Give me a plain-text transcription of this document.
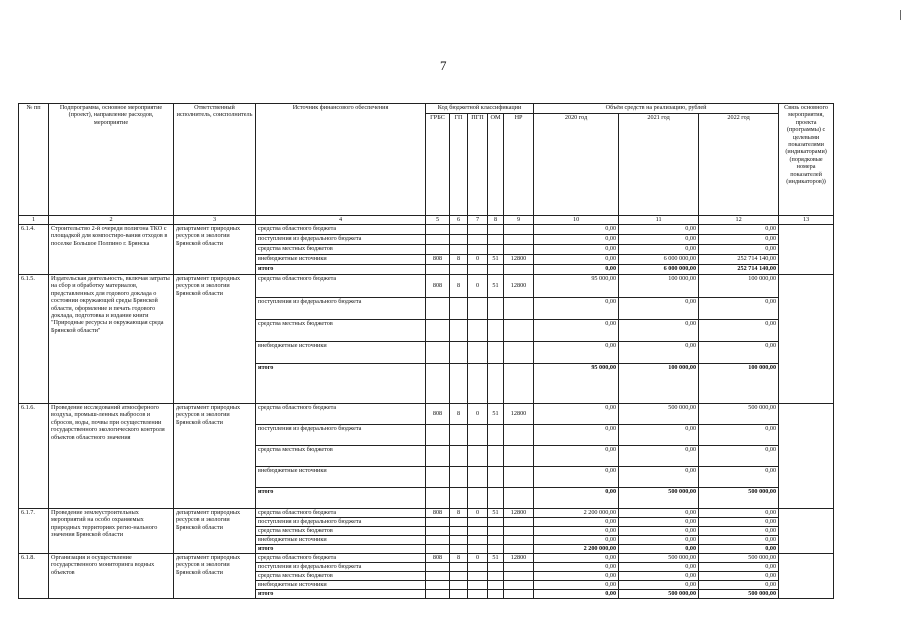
7
№ пп	Подпрограмма, основное мероприятие (проект), направление расходов, мероприятие	Ответственный исполнитель, соисполнитель	Источник финансового обеспечения	Код бюджетной классификации					Объём средств на реализацию, рублей			Связь основного мероприятия, проекта (программы) с целевыми показателями (индикаторами) (порядковые номера показателей (индикаторов))
				ГРБС	ГП	ПГП	ОМ	НР	2020 год	2021 год	2022 год	
1	2	3	4	5	6	7	8	9	10	11	12	13
6.1.4.	Строительство 2-й очереди полигона ТКО с площадкой для компостиро-вания отходов в поселке Большое Полпино г. Брянска	департамент природных ресурсов и экологии Брянской области	средства областного бюджета						0,00	0,00	0,00	
			поступления из федерального бюджета						0,00	0,00	0,00	
			средства местных бюджетов						0,00	0,00	0,00	
			внебюджетные источники	808	8	0	51	12800	0,00	6 000 000,00	252 714 140,00	
			итого						0,00	6 000 000,00	252 714 140,00	
6.1.5.	Издательская деятельность, включая затраты на сбор и обработку материалов, представленных для годового доклада о состоянии окружающей среды Брянской области, оформление и печать годового доклада, подготовка и издание книги "Природные ресурсы и окружающая среда Брянской области"	департамент природных ресурсов и экологии Брянской области	средства областного бюджета	808	8	0	51	12800	95 000,00	100 000,00	100 000,00	
			поступления из федерального бюджета						0,00	0,00	0,00	
			средства местных бюджетов						0,00	0,00	0,00	
			внебюджетные источники						0,00	0,00	0,00	
			итого						95 000,00	100 000,00	100 000,00	
6.1.6.	Проведение исследований атмосферного воздуха, промыш-ленных выбросов и сбросов, воды, почвы при осуществлении государственного экологического контроля объектов областного значения	департамент природных ресурсов и экологии Брянской области	средства областного бюджета	808	8	0	51	12800	0,00	500 000,00	500 000,00	
			поступления из федерального бюджета						0,00	0,00	0,00	
			средства местных бюджетов						0,00	0,00	0,00	
			внебюджетные источники						0,00	0,00	0,00	
			итого						0,00	500 000,00	500 000,00	
6.1.7.	Проведение землеустроительных мероприятий на особо охраняемых природных территориях регио-нального значения Брянской области	департамент природных ресурсов и экологии Брянской области	средства областного бюджета	808	8	0	51	12800	2 200 000,00	0,00	0,00	
			поступления из федерального бюджета						0,00	0,00	0,00	
			средства местных бюджетов						0,00	0,00	0,00	
			внебюджетные источники						0,00	0,00	0,00	
			итого						2 200 000,00	0,00	0,00	
6.1.8.	Организация и осуществление государственного мониторинга водных объектов	департамент природных ресурсов и экологии Брянской области	средства областного бюджета	808	8	0	51	12800	0,00	500 000,00	500 000,00	
			поступления из федерального бюджета						0,00	0,00	0,00	
			средства местных бюджетов						0,00	0,00	0,00	
			внебюджетные источники						0,00	0,00	0,00	
			итого						0,00	500 000,00	500 000,00	
